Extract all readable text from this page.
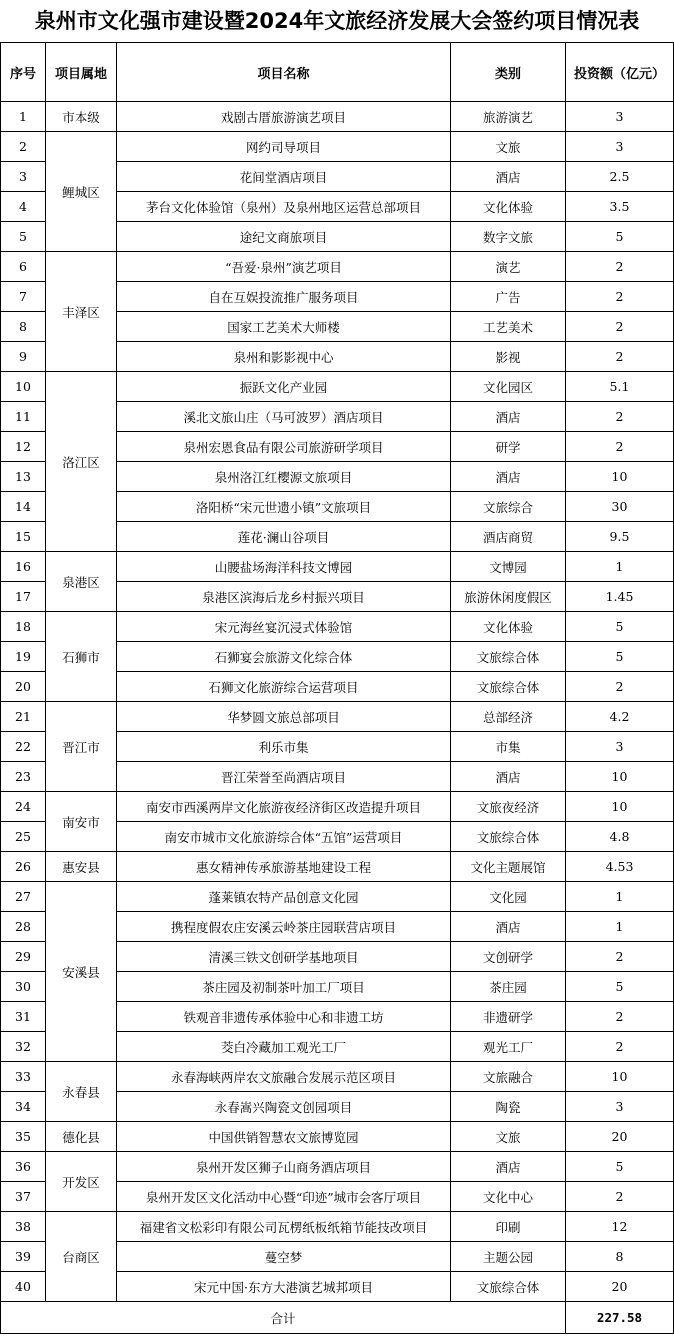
泉州市文化强市建设暨2024年文旅经济发展大会签约项目情况表
序号	项目属地	项目名称	类别	投资额（亿元）
1	市本级	戏剧古厝旅游演艺项目	旅游演艺	3
2	鲤城区	网约司导项目	文旅	3
3		花间堂酒店项目	酒店	2.5
4		茅台文化体验馆（泉州）及泉州地区运营总部项目	文化体验	3.5
5		途纪文商旅项目	数字文旅	5
6	丰泽区	“吾爱·泉州”演艺项目	演艺	2
7		自在互娱投流推广服务项目	广告	2
8		国家工艺美术大师楼	工艺美术	2
9		泉州和影影视中心	影视	2
10	洛江区	振跃文化产业园	文化园区	5.1
11		溪北文旅山庄（马可波罗）酒店项目	酒店	2
12		泉州宏恩食品有限公司旅游研学项目	研学	2
13		泉州洛江红樱源文旅项目	酒店	10
14		洛阳桥“宋元世遗小镇”文旅项目	文旅综合	30
15		莲花·澜山谷项目	酒店商贸	9.5
16	泉港区	山腰盐场海洋科技文博园	文博园	1
17		泉港区滨海后龙乡村振兴项目	旅游休闲度假区	1.45
18	石狮市	宋元海丝宴沉浸式体验馆	文化体验	5
19		石狮宴会旅游文化综合体	文旅综合体	5
20		石狮文化旅游综合运营项目	文旅综合体	2
21	晋江市	华梦圆文旅总部项目	总部经济	4.2
22		利乐市集	市集	3
23		晋江荣誉至尚酒店项目	酒店	10
24	南安市	南安市西溪两岸文化旅游夜经济街区改造提升项目	文旅夜经济	10
25		南安市城市文化旅游综合体“五馆”运营项目	文旅综合体	4.8
26	惠安县	惠女精神传承旅游基地建设工程	文化主题展馆	4.53
27	安溪县	蓬莱镇农特产品创意文化园	文化园	1
28		携程度假农庄安溪云岭茶庄园联营店项目	酒店	1
29		清溪三铁文创研学基地项目	文创研学	2
30		茶庄园及初制茶叶加工厂项目	茶庄园	5
31		铁观音非遗传承体验中心和非遗工坊	非遗研学	2
32		茭白冷藏加工观光工厂	观光工厂	2
33	永春县	永春海峡两岸农文旅融合发展示范区项目	文旅融合	10
34		永春嵩兴陶瓷文创园项目	陶瓷	3
35	德化县	中国供销智慧农文旅博览园	文旅	20
36	开发区	泉州开发区狮子山商务酒店项目	酒店	5
37		泉州开发区文化活动中心暨“印迹”城市会客厅项目	文化中心	2
38	台商区	福建省文松彩印有限公司瓦楞纸板纸箱节能技改项目	印刷	12
39		蔓空梦	主题公园	8
40		宋元中国·东方大港演艺城邦项目	文旅综合体	20
合计				227.58
